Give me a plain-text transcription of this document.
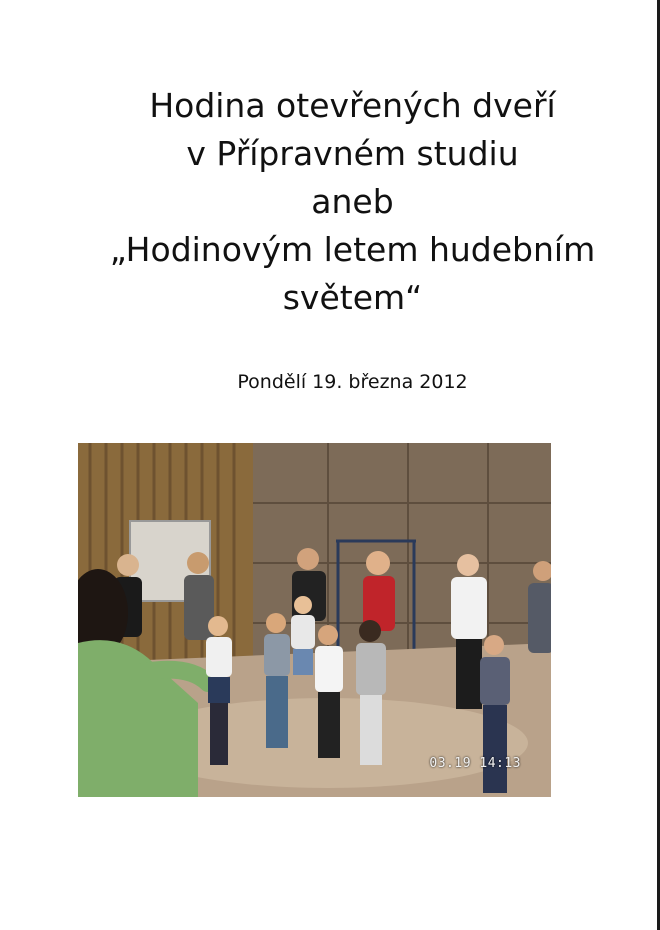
Hodina otevřených dveří
v Přípravném studiu
aneb
„Hodinovým letem hudebním
světem“
Pondělí 19. března 2012
03.19 14:13
